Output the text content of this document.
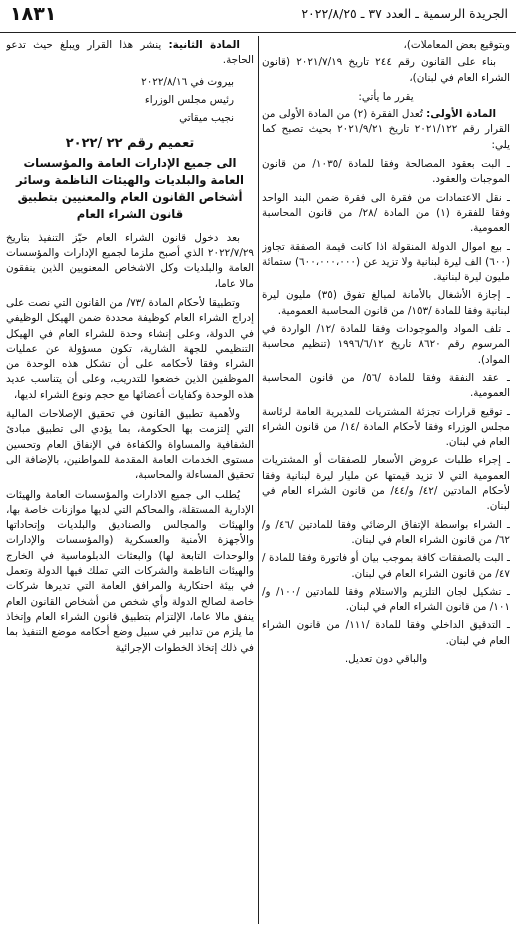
الجريدة الرسمية ـ العدد ٣٧ ـ ٢٠٢٢/٨/٢٥
١٨٣١

وبتوقيع بعض المعاملات)،

بناء على القانون رقم ٢٤٤ تاريخ ٢٠٢١/٧/١٩ (قانون الشراء العام في لبنان)،

يقرر ما يأتي:

المادة الأولى: تُعدل الفقرة (٢) من المادة الأولى من القرار رقم ٢٠٢١/١٢٢ تاريخ ٢٠٢١/٩/٢١ بحيث تصبح كما يلي:

ـ البت بعقود المصالحة وفقا للمادة /١٠٣٥/ من قانون الموجبات والعقود.

ـ نقل الاعتمادات من فقرة الى فقرة ضمن البند الواحد وفقا للفقرة (١) من المادة /٢٨/ من قانون المحاسبة العمومية.

ـ بيع اموال الدولة المنقولة اذا كانت قيمة الصفقة تجاوز (٦٠٠) الف ليرة لبنانية ولا تزيد عن (٦٠٠،٠٠٠،٠٠٠) ستمائة مليون ليرة لبنانية.

ـ إجازة الأشغال بالأمانة لمبالغ تفوق (٣٥) مليون ليرة لبنانية وفقا للمادة /١٥٣/ من قانون المحاسبة العمومية.

ـ تلف المواد والموجودات وفقا للمادة /١٢/ الواردة في المرسوم رقم ٨٦٢٠ تاريخ ١٩٩٦/٦/١٢ (تنظيم محاسبة المواد).

ـ عقد النفقة وفقا للمادة /٥٦/ من قانون المحاسبة العمومية.

ـ توقيع قرارات تجزئة المشتريات للمديرية العامة لرئاسة مجلس الوزراء وفقا لأحكام المادة /١٤/ من قانون الشراء العام في لبنان.

ـ إجراء طلبات عروض الأسعار للصفقات أو المشتريات العمومية التي لا تزيد قيمتها عن مليار ليرة لبنانية وفقا لأحكام المادتين /٤٢/ و/٤٤/ من قانون الشراء العام في لبنان.

ـ الشراء بواسطة الإتفاق الرضائي وفقا للمادتين /٤٦/ و/٦٢/ من قانون الشراء العام في لبنان.

ـ البت بالصفقات كافة بموجب بيان أو فاتورة وفقا للمادة /٤٧/ من قانون الشراء العام في لبنان.

ـ تشكيل لجان التلزيم والاستلام وفقا للمادتين /١٠٠/ و/١٠١/ من قانون الشراء العام في لبنان.

ـ التدقيق الداخلي وفقا للمادة /١١١/ من قانون الشراء العام في لبنان.

والباقي دون تعديل.

المادة الثانية: ينشر هذا القرار ويبلغ حيث تدعو الحاجة.

بيروت في ٢٠٢٢/٨/١٦

رئيس مجلس الوزراء

نجيب ميقاتي

تعميم رقم ٢٢ /٢٠٢٢
الى جميع الإدارات العامة والمؤسسات العامة والبلديات والهيئات الناظمة وسائر أشخاص القانون العام والمعنيين بتطبيق قانون الشراء العام

بعد دخول قانون الشراء العام حيّز التنفيذ بتاريخ ٢٠٢٢/٧/٢٩ الذي أصبح ملزما لجميع الإدارات والمؤسسات العامة والبلديات وكل الاشخاص المعنويين الذين ينفقون مالا عاما،

وتطبيقا لأحكام المادة /٧٣/ من القانون التي نصت على إدراج الشراء العام كوظيفة محددة ضمن الهيكل الوظيفي في الدولة، وعلى إنشاء وحدة للشراء العام في الهيكل التنظيمي للجهة الشارية، تكون مسؤولة عن عمليات الشراء وفقا لأحكامه على أن تشكل هذه الوحدة من الموظفين الذين خضعوا للتدريب، وعلى أن يتناسب عديد هذه الوحدة وكفايات أعضائها مع حجم ونوع الشراء لديها،

ولأهمية تطبيق القانون في تحقيق الإصلاحات المالية التي إلتزمت بها الحكومة، بما يؤدي الى تطبيق مبادئ الشفافية والمساواة والكفاءة في الإنفاق العام وتحسين مستوى الخدمات العامة المقدمة للمواطنين، بالإضافة الى تحقيق المساءلة والمحاسبة،

يُطلب الى جميع الادارات والمؤسسات العامة والهيئات الإدارية المستقلة، والمحاكم التي لديها موازنات خاصة بها، والهيئات والمجالس والصناديق والبلديات وإتحاداتها والأجهزة الأمنية والعسكرية (والمؤسسات والإدارات والوحدات التابعة لها) والبعثات الدبلوماسية في الخارج والهيئات الناظمة والشركات التي تملك فيها الدولة وتعمل في بيئة احتكارية والمرافق العامة التي تديرها شركات خاصة لصالح الدولة وأي شخص من أشخاص القانون العام ينفق مالا عاما، الإلتزام بتطبيق قانون الشراء العام وإتخاذ ما يلزم من تدابير في سبيل وضع أحكامه موضع التنفيذ بما في ذلك إتخاذ الخطوات الإجرائية
